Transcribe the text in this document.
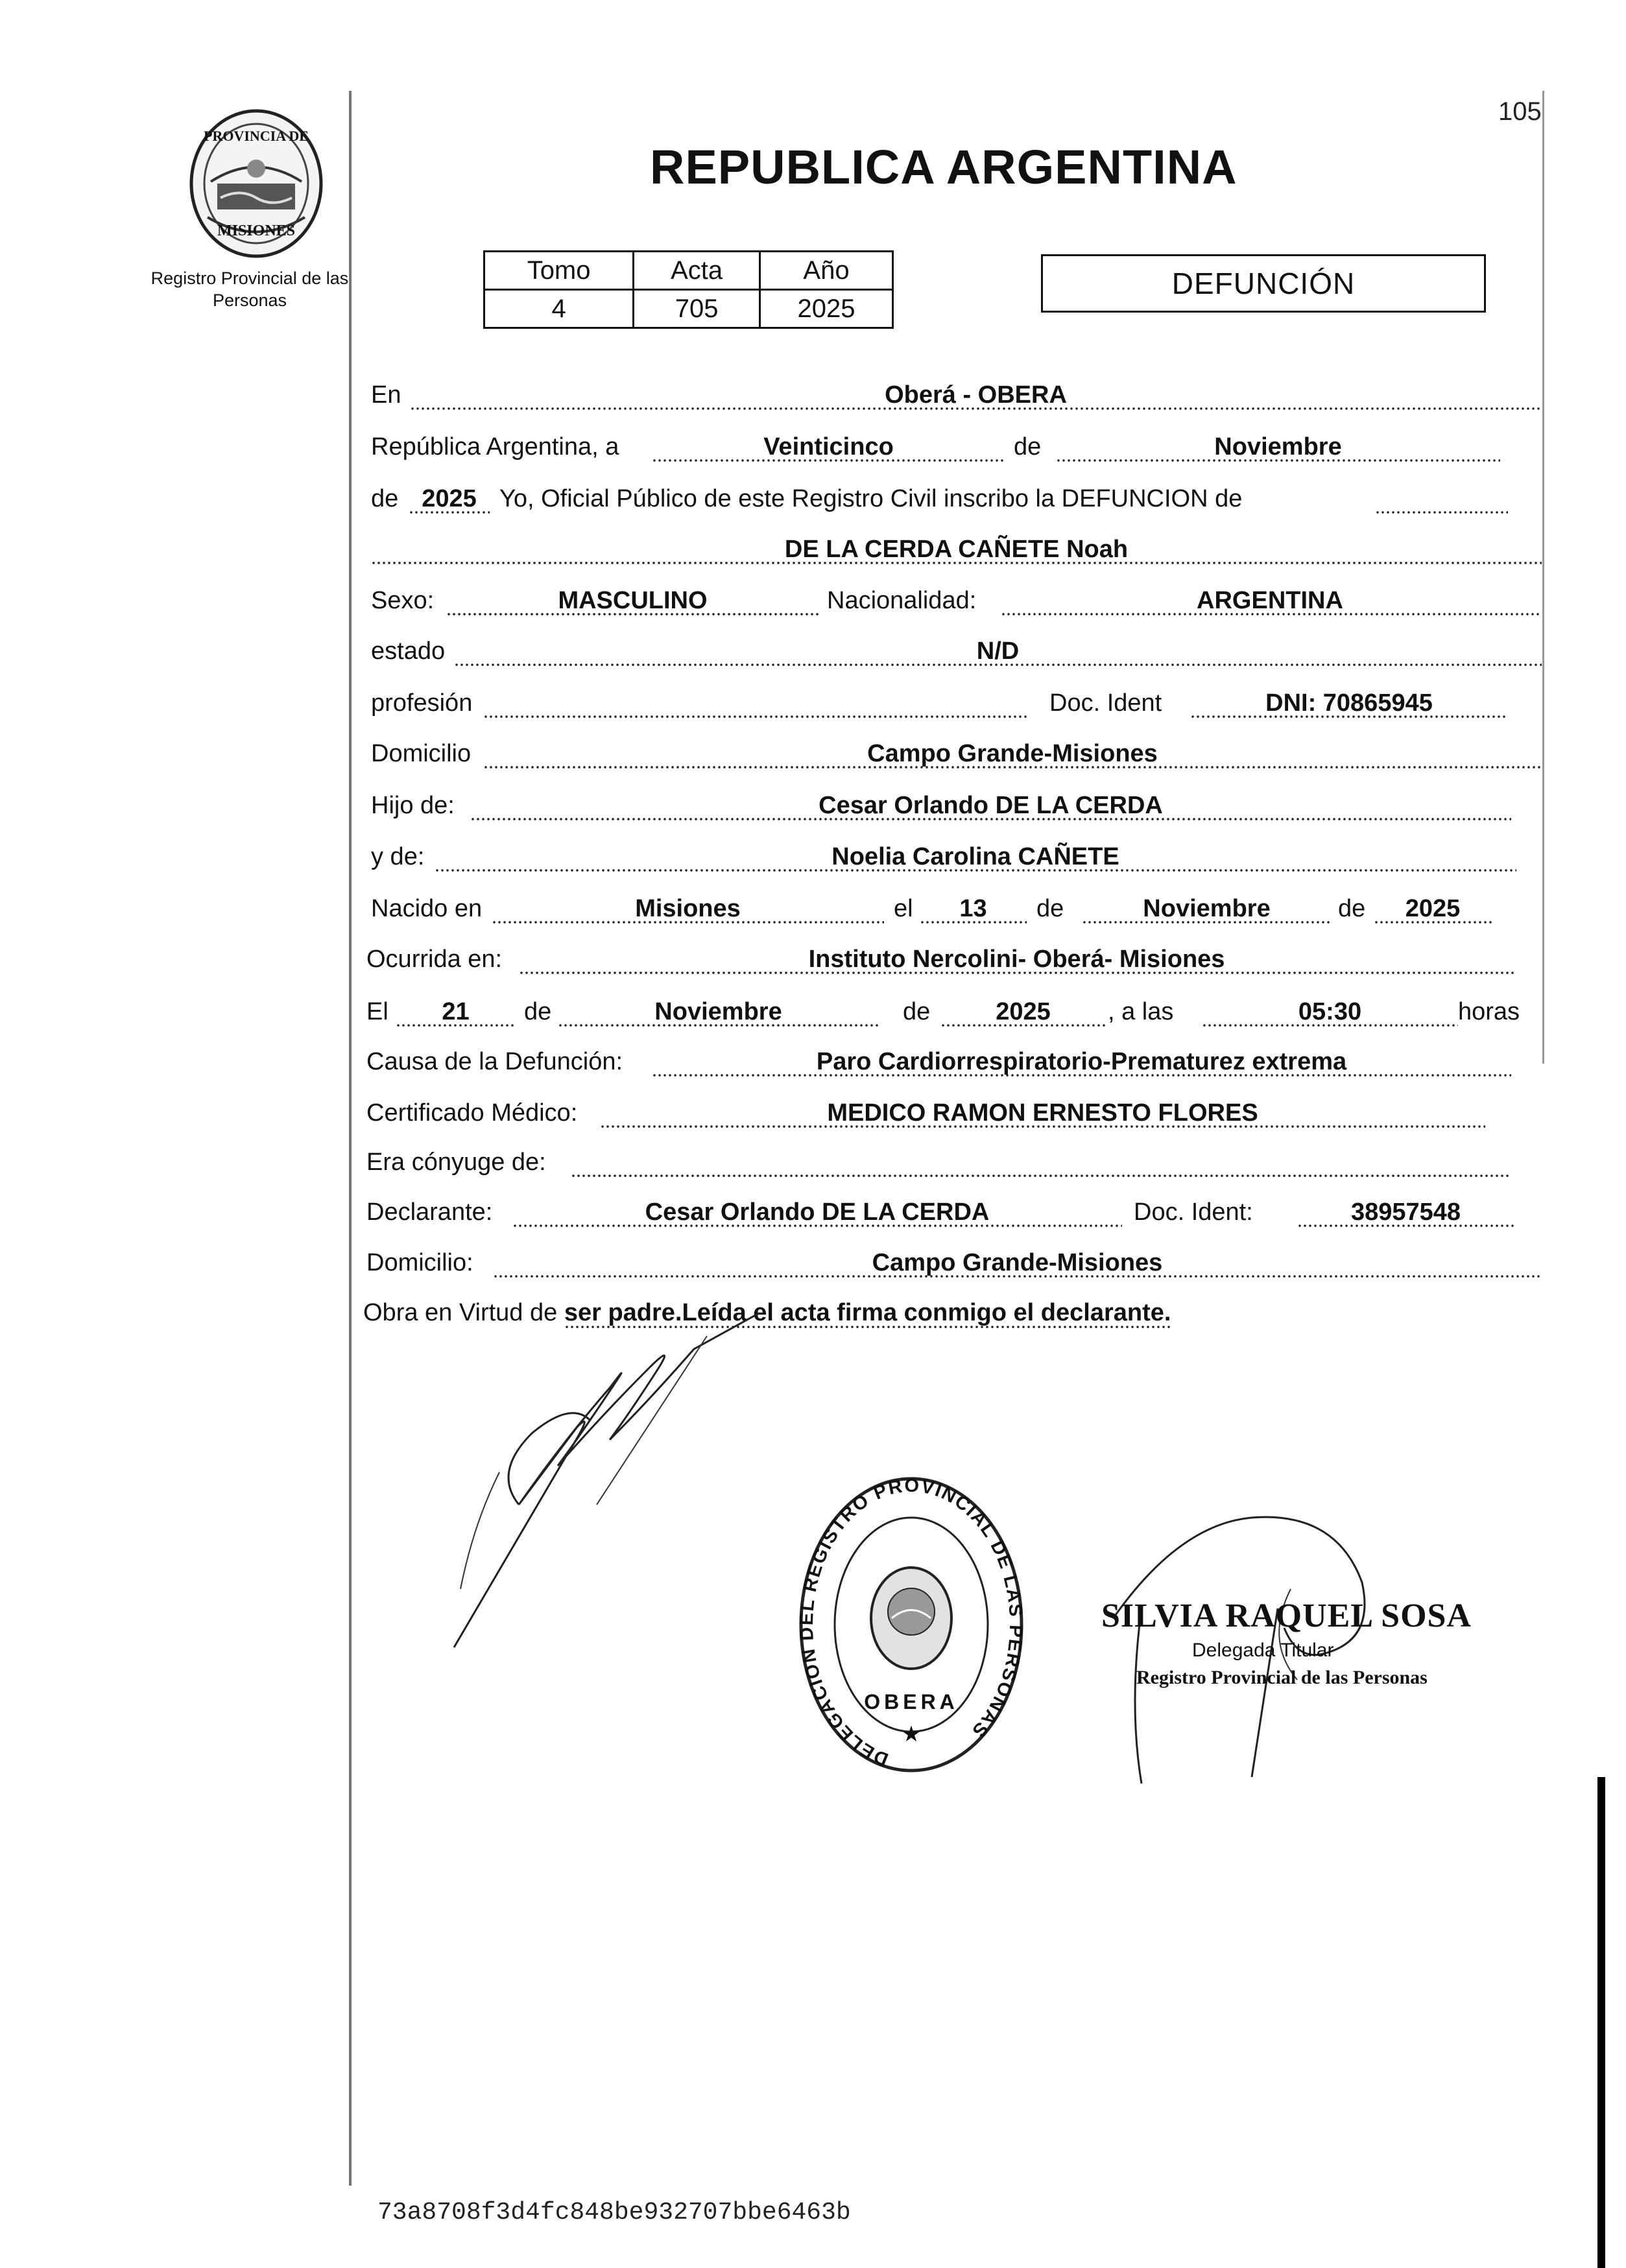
PROVINCIA DE
MISIONES
Registro Provincial de las Personas
105
REPUBLICA ARGENTINA
Tomo	Acta	Año
4	705	2025
DEFUNCIÓN
En	Oberá - OBERA
República Argentina, a	Veinticinco	de	Noviembre
de 2025 Yo, Oficial Público de este Registro Civil inscribo la DEFUNCION de
DE LA CERDA CAÑETE Noah
Sexo:	MASCULINO	Nacionalidad:	ARGENTINA
estado	N/D
profesión	Doc. Ident	DNI: 70865945
Domicilio	Campo Grande-Misiones
Hijo de:	Cesar Orlando DE LA CERDA
y de:	Noelia Carolina CAÑETE
Nacido en	Misiones	el	13	de	Noviembre	de	2025
Ocurrida en:	Instituto Nercolini- Oberá- Misiones
El	21	de	Noviembre	de	2025	, a las	05:30	horas
Causa de la Defunción:	Paro Cardiorrespiratorio-Prematurez extrema
Certificado Médico:	MEDICO RAMON ERNESTO FLORES
Era cónyuge de:
Declarante:	Cesar Orlando DE LA CERDA	Doc. Ident:	38957548
Domicilio:	Campo Grande-Misiones
Obra en Virtud de ser padre.Leída el acta firma conmigo el declarante.
DELEGACION DEL REGISTRO PROVINCIAL DE LAS PERSONAS
OBERA
★
SILVIA RAQUEL SOSA
Delegada Titular
Registro Provincial de las Personas
73a8708f3d4fc848be932707bbe6463b
